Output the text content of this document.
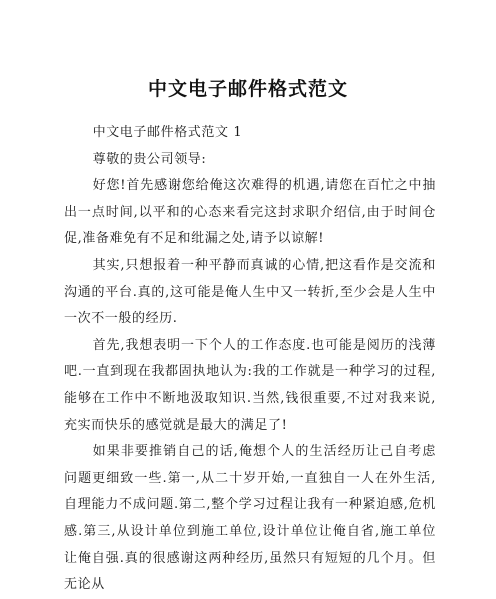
中文电子邮件格式范文

中文电子邮件格式范文 1

尊敬的贵公司领导:

好您!首先感谢您给俺这次难得的机遇,请您在百忙之中抽出一点时间,以平和的心态来看完这封求职介绍信,由于时间仓促,准备难免有不足和纰漏之处,请予以谅解!

其实,只想报着一种平静而真诚的心情,把这看作是交流和沟通的平台.真的,这可能是俺人生中又一转折,至少会是人生中一次不一般的经历.

首先,我想表明一下个人的工作态度.也可能是阅历的浅薄吧.一直到现在我都固执地认为:我的工作就是一种学习的过程,能够在工作中不断地汲取知识.当然,钱很重要,不过对我来说,充实而快乐的感觉就是最大的满足了!

如果非要推销自己的话,俺想个人的生活经历让己自考虑问题更细致一些.第一,从二十岁开始,一直独自一人在外生活,自理能力不成问题.第二,整个学习过程让我有一种紧迫感,危机感.第三,从设计单位到施工单位,设计单位让俺自省,施工单位让俺自强.真的很感谢这两种经历,虽然只有短短的几个月。但无论从
